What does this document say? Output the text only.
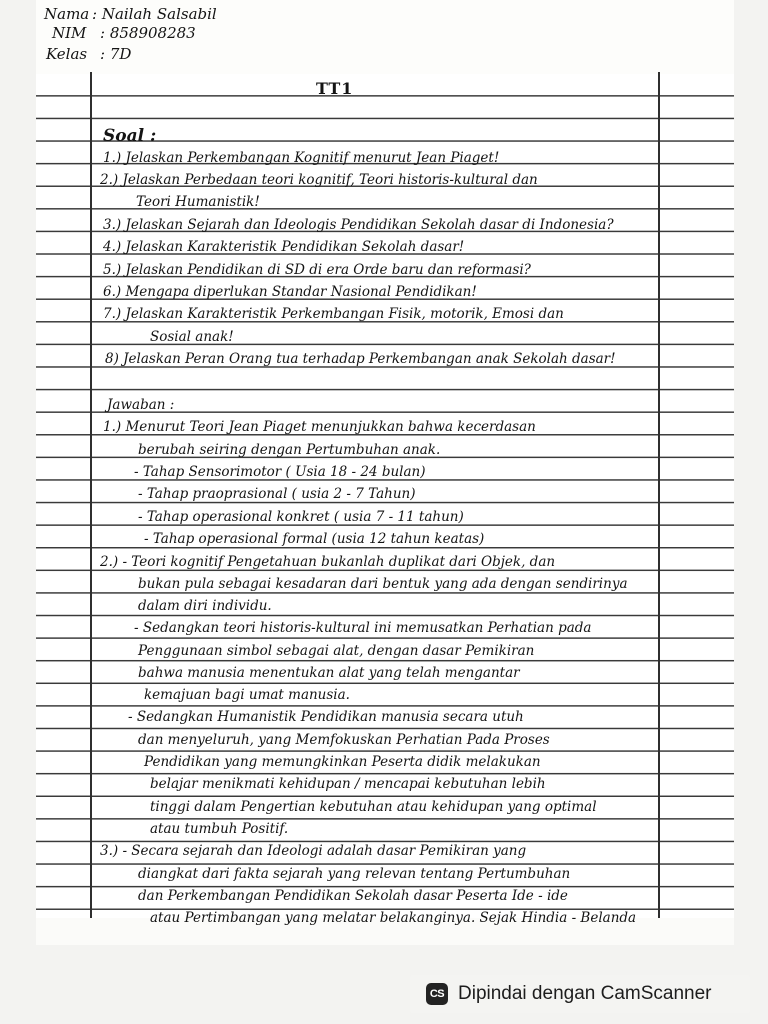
Nama : Nailah Salsabil
NIM : 858908283
Kelas : 7D
TT1
Soal :
1.) Jelaskan Perkembangan Kognitif menurut Jean Piaget!
2.) Jelaskan Perbedaan teori kognitif, Teori historis-kultural dan
Teori Humanistik!
3.) Jelaskan Sejarah dan Ideologis Pendidikan Sekolah dasar di Indonesia?
4.) Jelaskan Karakteristik Pendidikan Sekolah dasar!
5.) Jelaskan Pendidikan di SD di era Orde baru dan reformasi?
6.) Mengapa diperlukan Standar Nasional Pendidikan!
7.) Jelaskan Karakteristik Perkembangan Fisik, motorik, Emosi dan
Sosial anak!
8) Jelaskan Peran Orang tua terhadap Perkembangan anak Sekolah dasar!
Jawaban :
1.) Menurut Teori Jean Piaget menunjukkan bahwa kecerdasan
berubah seiring dengan Pertumbuhan anak.
- Tahap Sensorimotor ( Usia 18 - 24 bulan)
- Tahap praoprasional ( usia 2 - 7 Tahun)
- Tahap operasional konkret ( usia 7 - 11 tahun)
- Tahap operasional formal (usia 12 tahun keatas)
2.) - Teori kognitif Pengetahuan bukanlah duplikat dari Objek, dan
bukan pula sebagai kesadaran dari bentuk yang ada dengan sendirinya
dalam diri individu.
- Sedangkan teori historis-kultural ini memusatkan Perhatian pada
Penggunaan simbol sebagai alat, dengan dasar Pemikiran
bahwa manusia menentukan alat yang telah mengantar
kemajuan bagi umat manusia.
- Sedangkan Humanistik Pendidikan manusia secara utuh
dan menyeluruh, yang Memfokuskan Perhatian Pada Proses
Pendidikan yang memungkinkan Peserta didik melakukan
belajar menikmati kehidupan / mencapai kebutuhan lebih
tinggi dalam Pengertian kebutuhan atau kehidupan yang optimal
atau tumbuh Positif.
3.) - Secara sejarah dan Ideologi adalah dasar Pemikiran yang
diangkat dari fakta sejarah yang relevan tentang Pertumbuhan
dan Perkembangan Pendidikan Sekolah dasar Peserta Ide - ide
atau Pertimbangan yang melatar belakanginya. Sejak Hindia - Belanda
CS Dipindai dengan CamScanner
